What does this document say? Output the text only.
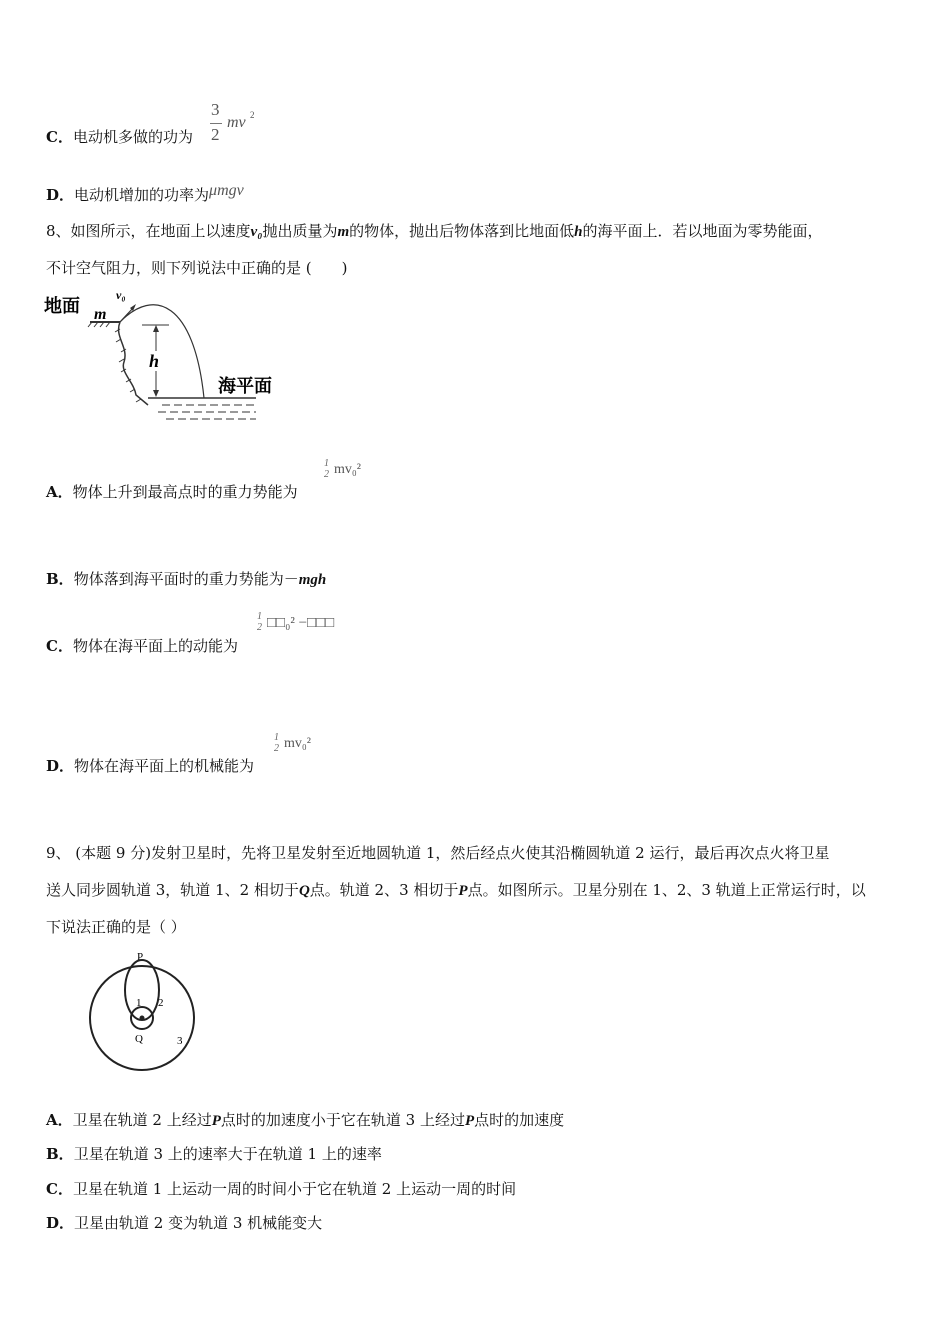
C．电动机多做的功为
3
2
mv 2
D．电动机增加的功率为μmgv
8、如图所示，在地面上以速度v₀抛出质量为m的物体，抛出后物体落到比地面低h的海平面上．若以地面为零势能面，
不计空气阻力，则下列说法中正确的是 (　　)
地面
v₀
m
h
海平面
A．物体上升到最高点时的重力势能为
1
2 mv₀²
B．物体落到海平面时的重力势能为－mgh
C．物体在海平面上的动能为
1
2 □□₀² −□□□
D．物体在海平面上的机械能为
1
2 mv₀²
9、 (本题 9 分)发射卫星时，先将卫星发射至近地圆轨道 1，然后经点火使其沿椭圆轨道 2 运行，最后再次点火将卫星
送人同步圆轨道 3，轨道 1、2 相切于Q点。轨道 2、3 相切于P点。如图所示。卫星分别在 1、2、3 轨道上正常运行时，以
下说法正确的是（ ）
P
Q
1 2
3
A．卫星在轨道 2 上经过P点时的加速度小于它在轨道 3 上经过P点时的加速度
B．卫星在轨道 3 上的速率大于在轨道 1 上的速率
C．卫星在轨道 1 上运动一周的时间小于它在轨道 2 上运动一周的时间
D．卫星由轨道 2 变为轨道 3 机械能变大
